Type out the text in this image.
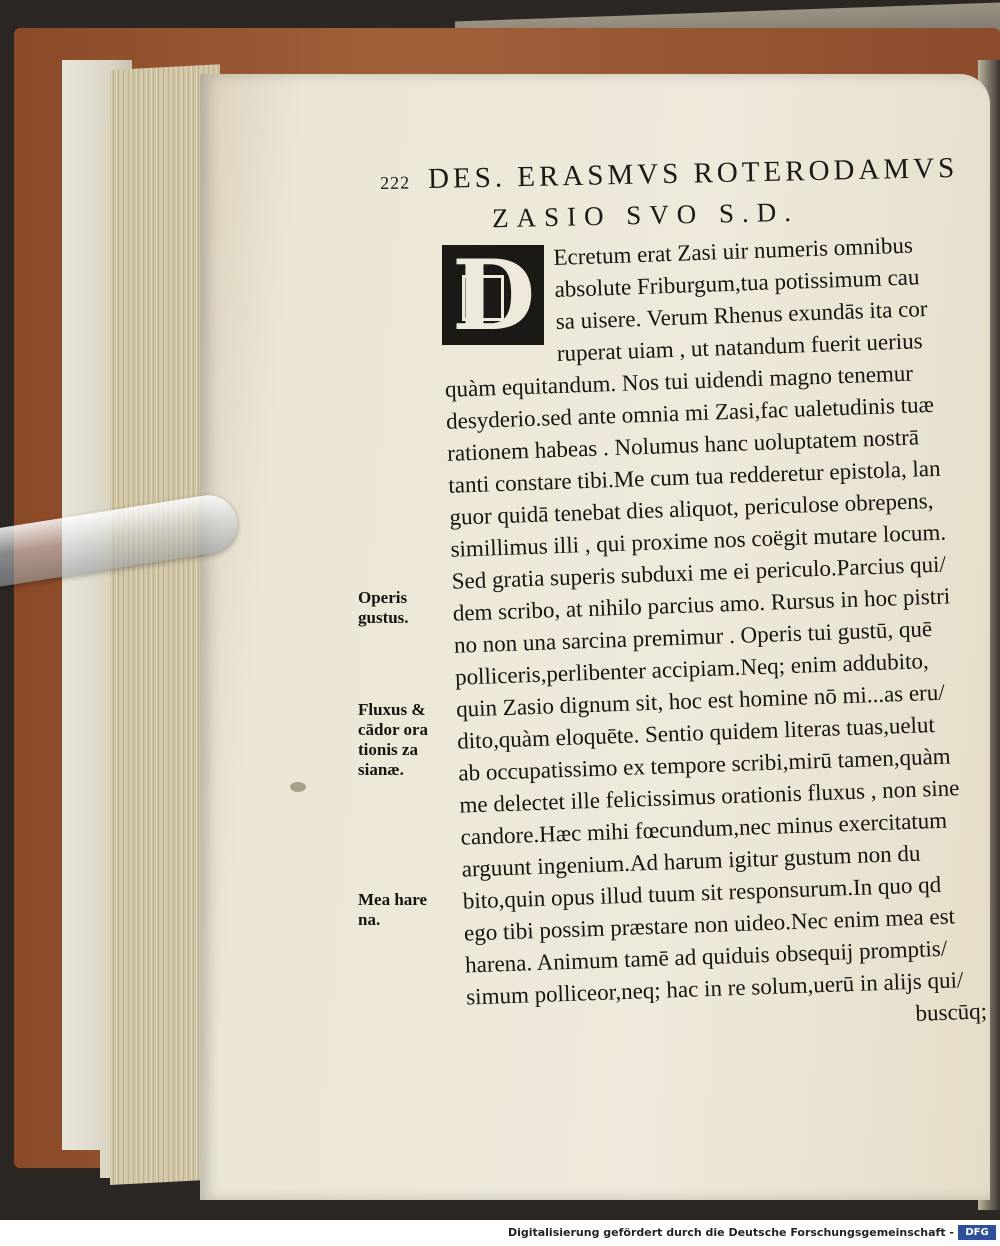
222 DES. ERASMVS ROTERODAMVS
ZASIO SVO S.D.
D Ecretum erat Zasi uir numeris omnibus
absolute Friburgum,tua potissimum cau
sa uisere. Verum Rhenus exundās ita cor
ruperat uiam , ut natandum fuerit uerius
quàm equitandum. Nos tui uidendi magno tenemur
desyderio.sed ante omnia mi Zasi,fac ualetudinis tuæ
rationem habeas . Nolumus hanc uoluptatem nostrā
tanti constare tibi.Me cum tua redderetur epistola, lan
guor quidā tenebat dies aliquot, periculose obrepens,
simillimus illi , qui proxime nos coëgit mutare locum.
Sed gratia superis subduxi me ei periculo.Parcius qui/
dem scribo, at nihilo parcius amo. Rursus in hoc pistri
no non una sarcina premimur . Operis tui gustū, quē
polliceris,perlibenter accipiam.Neq; enim addubito,
quin Zasio dignum sit, hoc est homine nō mi...as eru/
dito,quàm eloquēte. Sentio quidem literas tuas,uelut
ab occupatissimo ex tempore scribi,mirū tamen,quàm
me delectet ille felicissimus orationis fluxus , non sine
candore.Hæc mihi fœcundum,nec minus exercitatum
arguunt ingenium.Ad harum igitur gustum non du
bito,quin opus illud tuum sit responsurum.In quo qd
ego tibi possim præstare non uideo.Nec enim mea est
harena. Animum tamē ad quiduis obsequij promptis/
simum polliceor,neq; hac in re solum,uerū in alijs qui/
buscūq;
Operis
gustus.
Fluxus &
cādor ora
tionis za
sianæ.
Mea hare
na.
Digitalisierung gefördert durch die Deutsche Forschungsgemeinschaft -	DFG
